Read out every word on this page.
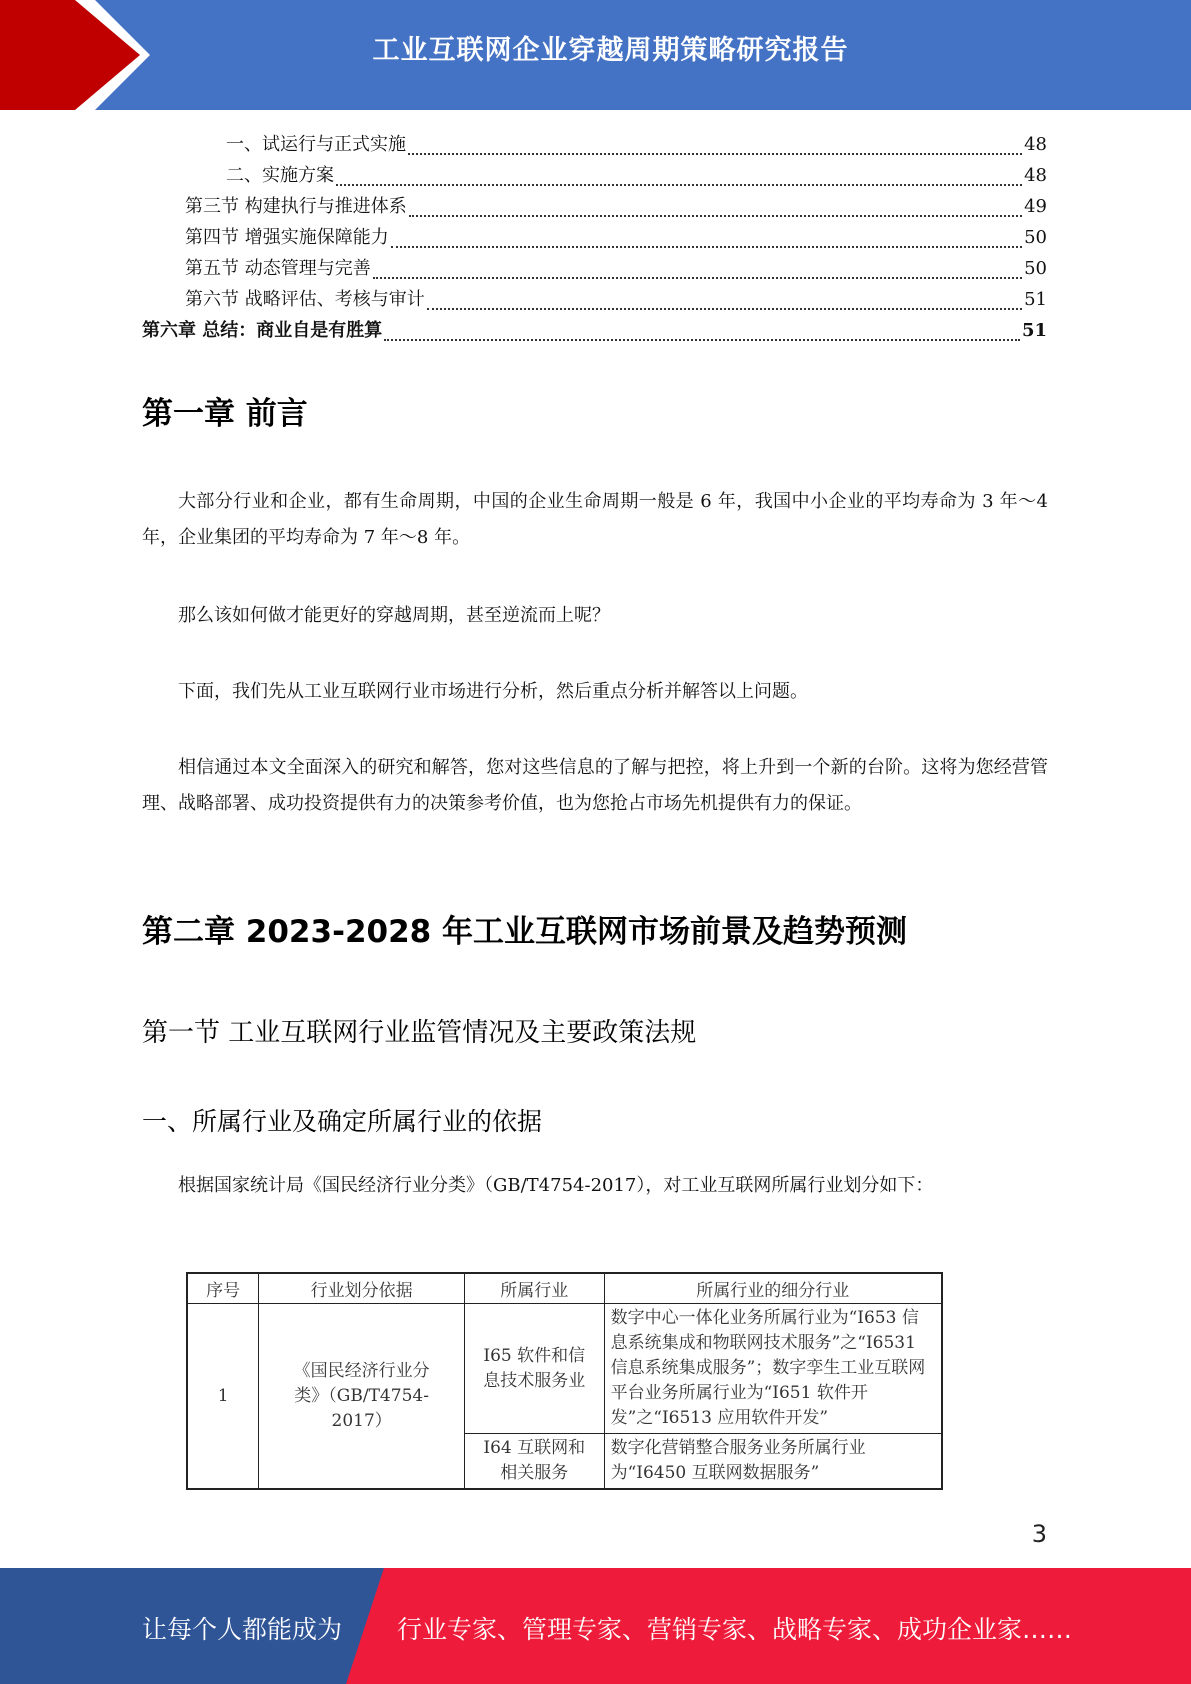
工业互联网企业穿越周期策略研究报告
一、试运行与正式实施	48
二、实施方案	48
第三节 构建执行与推进体系	49
第四节 增强实施保障能力	50
第五节 动态管理与完善	50
第六节 战略评估、考核与审计	51
第六章 总结：商业自是有胜算	51
第一章 前言
大部分行业和企业，都有生命周期，中国的企业生命周期一般是 6 年，我国中小企业的平均寿命为 3 年～4 年，企业集团的平均寿命为 7 年～8 年。
那么该如何做才能更好的穿越周期，甚至逆流而上呢？
下面，我们先从工业互联网行业市场进行分析，然后重点分析并解答以上问题。
相信通过本文全面深入的研究和解答，您对这些信息的了解与把控，将上升到一个新的台阶。这将为您经营管理、战略部署、成功投资提供有力的决策参考价值，也为您抢占市场先机提供有力的保证。
第二章 2023-2028 年工业互联网市场前景及趋势预测
第一节 工业互联网行业监管情况及主要政策法规
一、所属行业及确定所属行业的依据
根据国家统计局《国民经济行业分类》（GB/T4754-2017），对工业互联网所属行业划分如下：
序号	行业划分依据	所属行业	所属行业的细分行业
1	《国民经济行业分类》（GB/T4754-2017）	I65 软件和信息技术服务业	数字中心一体化业务所属行业为“I653 信息系统集成和物联网技术服务”之“I6531 信息系统集成服务”；数字孪生工业互联网平台业务所属行业为“I651 软件开发”之“I6513 应用软件开发”
		I64 互联网和相关服务	数字化营销整合服务业务所属行业为“I6450 互联网数据服务”
3
让每个人都能成为 行业专家、管理专家、营销专家、战略专家、成功企业家……
